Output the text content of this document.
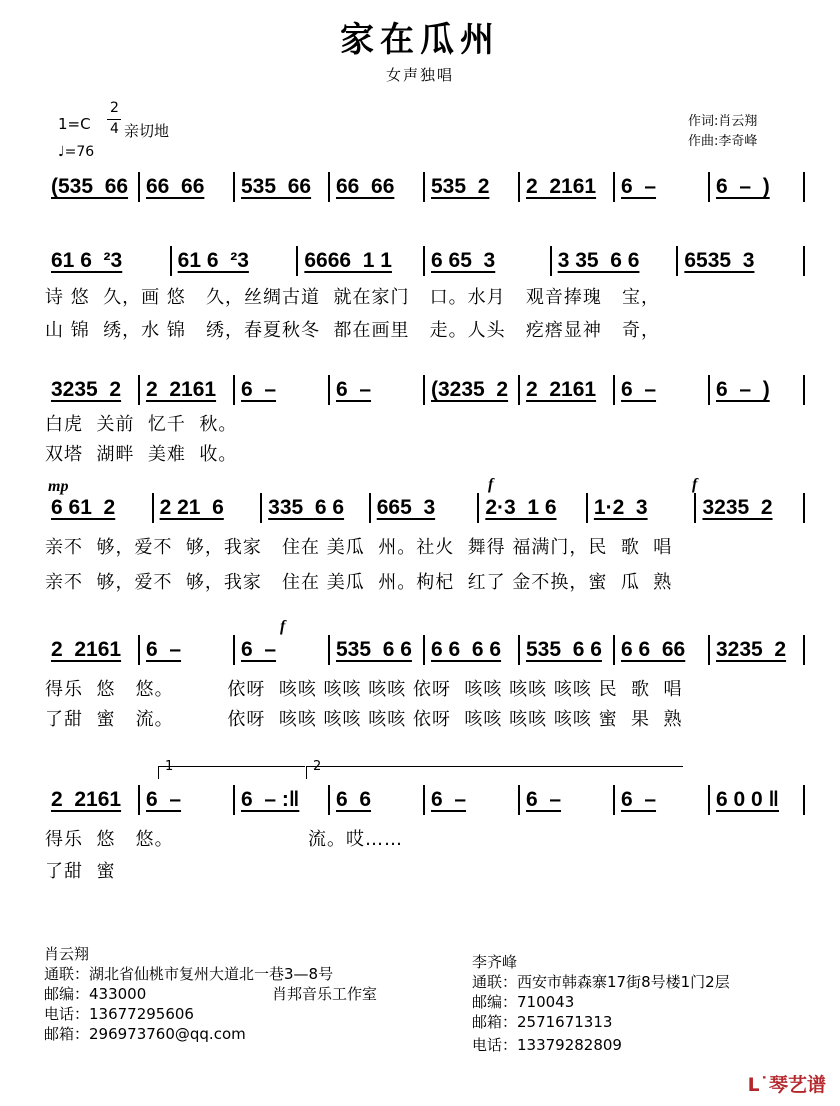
家在瓜州
女声独唱
1=C
2
4 亲切地
♩=76
作词:肖云翔
作曲:李奇峰
(535  66 66  66	535  66	66  66	535  2	2  2161	6  –	6  –  )
61 6  ²3	61 6  ²3	6666  1 1	6 65  3	3 35  6 6	6535  3
诗 悠  久，画 悠   久，丝绸古道  就在家门   口。水月   观音捧瑰   宝，
山 锦  绣，水 锦   绣，春夏秋冬  都在画里   走。人头   疙瘩显神   奇，
3235  2	2  2161	6  –	6  –	(3235  2 2  2161	6  –	6  –  )
白虎  关前  忆千  秋。
双塔  湖畔  美难  收。
6 61  2	2 21  6	335  6 6	665  3	2·3  1 6	1·2  3	3235  2
亲不  够，爱不  够，我家   住在 美瓜  州。社火  舞得 福满门，民  歌  唱
亲不  够，爱不  够，我家   住在 美瓜  州。枸杞  红了 金不换，蜜  瓜  熟
mp	f	f
2  2161	6  –	6  –	535  6 6 6 6  6 6	535  6 6 6 6  66	3235  2
得乐  悠   悠。        依呀  咳咳 咳咳 咳咳 依呀  咳咳 咳咳 咳咳 民  歌  唱
了甜  蜜   流。        依呀  咳咳 咳咳 咳咳 依呀  咳咳 咳咳 咳咳 蜜  果  熟
f
2  2161	6  –	6  – :‖	6  6	6  –	6  –	6  –	6 0 0 ‖
得乐  悠   悠。                    流。哎……
了甜  蜜
1	2
肖云翔
通联：湖北省仙桃市复州大道北一巷3—8号
邮编：433000
电话：13677295606
邮箱：296973760@qq.com
肖邦音乐工作室
李齐峰
通联：西安市韩森寨17街8号楼1门2层
邮编：710043
邮箱：2571671313
电话：13379282809
ᒪ˙琴艺谱
